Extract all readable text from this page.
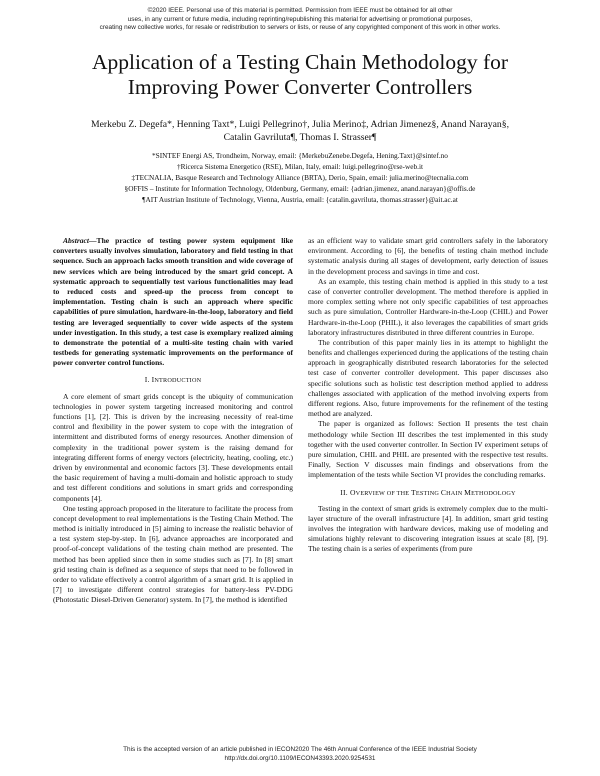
©2020 IEEE. Personal use of this material is permitted. Permission from IEEE must be obtained for all other
uses, in any current or future media, including reprinting/republishing this material for advertising or promotional purposes,
creating new collective works, for resale or redistribution to servers or lists, or reuse of any copyrighted component of this work in other works.
Application of a Testing Chain Methodology for
Improving Power Converter Controllers
Merkebu Z. Degefa*, Henning Taxt*, Luigi Pellegrino†, Julia Merino‡, Adrian Jimenez§, Anand Narayan§,
Catalin Gavriluta¶, Thomas I. Strasser¶
*SINTEF Energi AS, Trondheim, Norway, email: {MerkebuZenebe.Degefa, Hening.Taxt}@sintef.no
†Ricerca Sistema Energetico (RSE), Milan, Italy, email: luigi.pellegrino@rse-web.it
‡TECNALIA, Basque Research and Technology Alliance (BRTA), Derio, Spain, email: julia.merino@tecnalia.com
§OFFIS – Institute for Information Technology, Oldenburg, Germany, email: {adrian.jimenez, anand.narayan}@offis.de
¶AIT Austrian Institute of Technology, Vienna, Austria, email: {catalin.gavriluta, thomas.strasser}@ait.ac.at

Abstract—The practice of testing power system equipment like converters usually involves simulation, laboratory and field testing in that sequence. Such an approach lacks smooth transition and wide coverage of new services which are being introduced by the smart grid concept. A systematic approach to sequentially test various functionalities may lead to reduced costs and speed-up the process from concept to implementation. Testing chain is such an approach where specific capabilities of pure simulation, hardware-in-the-loop, laboratory and field testing are leveraged sequentially to cover wide aspects of the system under investigation. In this study, a test case is exemplary realized aiming to demonstrate the potential of a multi-site testing chain with varied testbeds for generating systematic improvements on the performance of power converter control functions.

I. INTRODUCTION

A core element of smart grids concept is the ubiquity of communication technologies in power system targeting increased monitoring and control functions [1], [2]. This is driven by the increasing necessity of real-time control and flexibility in the power system to cope with the integration of intermittent and distributed forms of energy resources. Another dimension of complexity in the traditional power system is the raising demand for integrating different forms of energy vectors (electricity, heating, cooling, etc.) driven by environmental and economic factors [3]. These developments entail the basic requirement of having a multi-domain and holistic approach to study and test different conditions and solutions in smart grids and corresponding components [4].

One testing approach proposed in the literature to facilitate the process from concept development to real implementations is the Testing Chain Method. The method is initially introduced in [5] aiming to increase the realistic behavior of a test system step-by-step. In [6], advance approaches are incorporated and proof-of-concept validations of the testing chain method are presented. The method has been applied since then in some studies such as [7]. In [8] smart grid testing chain is defined as a sequence of steps that need to be followed in order to validate effectively a control algorithm of a smart grid. It is applied in [7] to investigate different control strategies for battery-less PV-DDG (Photostatic Diesel-Driven Generator) system. In [7], the method is identified

as an efficient way to validate smart grid controllers safely in the laboratory environment. According to [6], the benefits of testing chain method include systematic analysis during all stages of development, early detection of issues in the development process and savings in time and cost.

As an example, this testing chain method is applied in this study to a test case of converter controller development. The method therefore is applied in more complex setting where not only specific capabilities of test approaches such as pure simulation, Controller Hardware-in-the-Loop (CHIL) and Power Hardware-in-the-Loop (PHIL), it also leverages the capabilities of smart grids laboratory infrastructures distributed in three different countries in Europe.

The contribution of this paper mainly lies in its attempt to highlight the benefits and challenges experienced during the applications of the testing chain approach in geographically distributed research laboratories for the selected test case of converter controller development. This paper discusses also specific solutions such as holistic test description method applied to address challenges associated with application of the method involving experts from different regions. Also, future improvements for the refinement of the testing method are analyzed.

The paper is organized as follows: Section II presents the test chain methodology while Section III describes the test implemented in this study together with the used converter controller. In Section IV experiment setups of pure simulation, CHIL and PHIL are presented with the respective test results. Finally, Section V discusses main findings and observations from the implementation of the tests while Section VI provides the concluding remarks.

II. OVERVIEW OF THE TESTING CHAIN METHODOLOGY

Testing in the context of smart grids is extremely complex due to the multi-layer structure of the overall infrastructure [4]. In addition, smart grid testing involves the integration with hardware devices, making use of modeling and simulations highly relevant to discovering integration issues at scale [8], [9]. The testing chain is a series of experiments (from pure

This is the accepted version of an article published in IECON2020 The 46th Annual Conference of the IEEE Industrial Society
http://dx.doi.org/10.1109/IECON43393.2020.9254531
